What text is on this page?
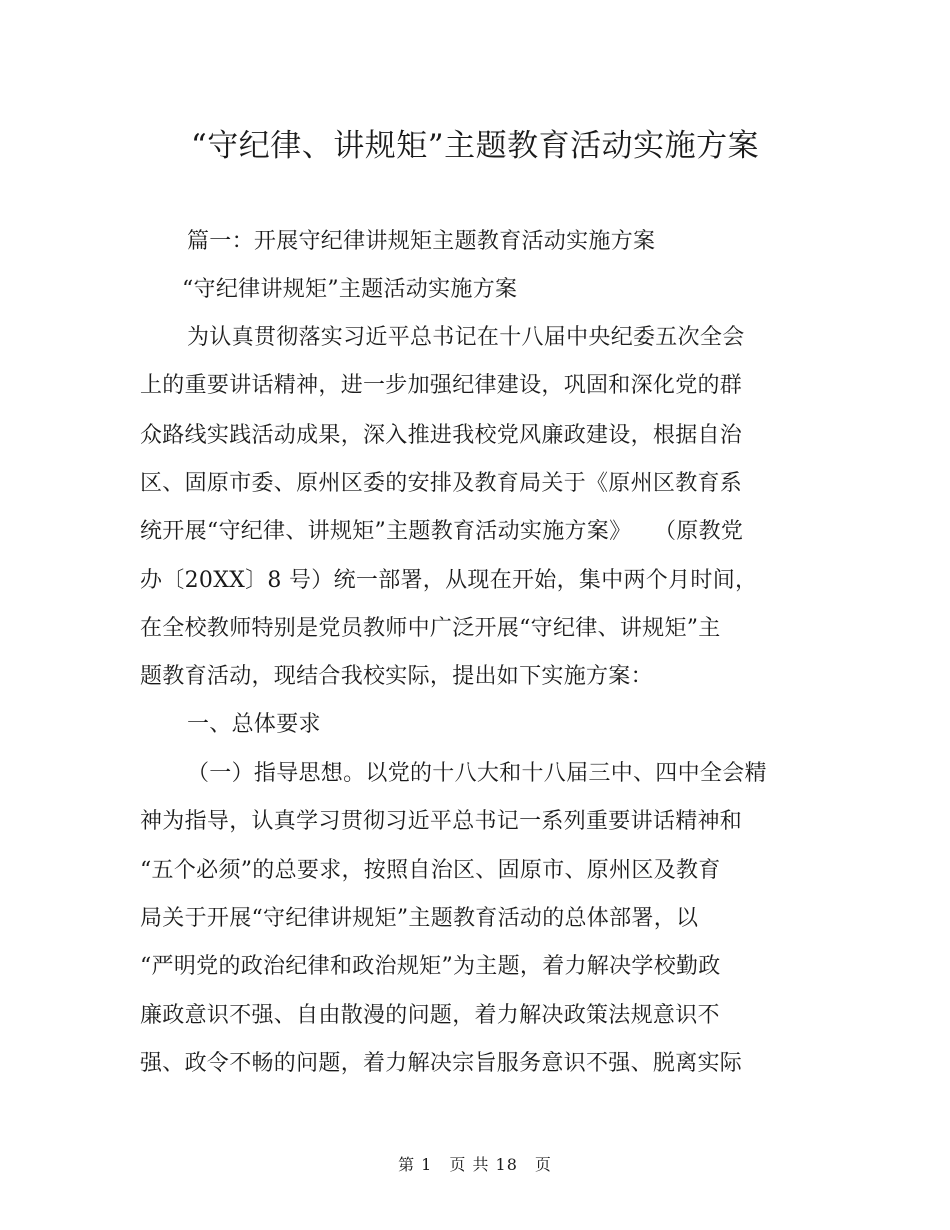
“守纪律、讲规矩”主题教育活动实施方案
篇一：开展守纪律讲规矩主题教育活动实施方案
“守纪律讲规矩”主题活动实施方案
为认真贯彻落实习近平总书记在十八届中央纪委五次全会
上的重要讲话精神，进一步加强纪律建设，巩固和深化党的群
众路线实践活动成果，深入推进我校党风廉政建设，根据自治
区、固原市委、原州区委的安排及教育局关于《原州区教育系
统开展“守纪律、讲规矩”主题教育活动实施方案》　　（原教党
办〔20XX〕8 号）统一部署，从现在开始，集中两个月时间，
在全校教师特别是党员教师中广泛开展“守纪律、讲规矩”主
题教育活动，现结合我校实际，提出如下实施方案：
一、总体要求
（一）指导思想。以党的十八大和十八届三中、四中全会精
神为指导，认真学习贯彻习近平总书记一系列重要讲话精神和
“五个必须”的总要求，按照自治区、固原市、原州区及教育
局关于开展“守纪律讲规矩”主题教育活动的总体部署，以
“严明党的政治纪律和政治规矩”为主题，着力解决学校勤政
廉政意识不强、自由散漫的问题，着力解决政策法规意识不
强、政令不畅的问题，着力解决宗旨服务意识不强、脱离实际
第 1　页 共 18　页
